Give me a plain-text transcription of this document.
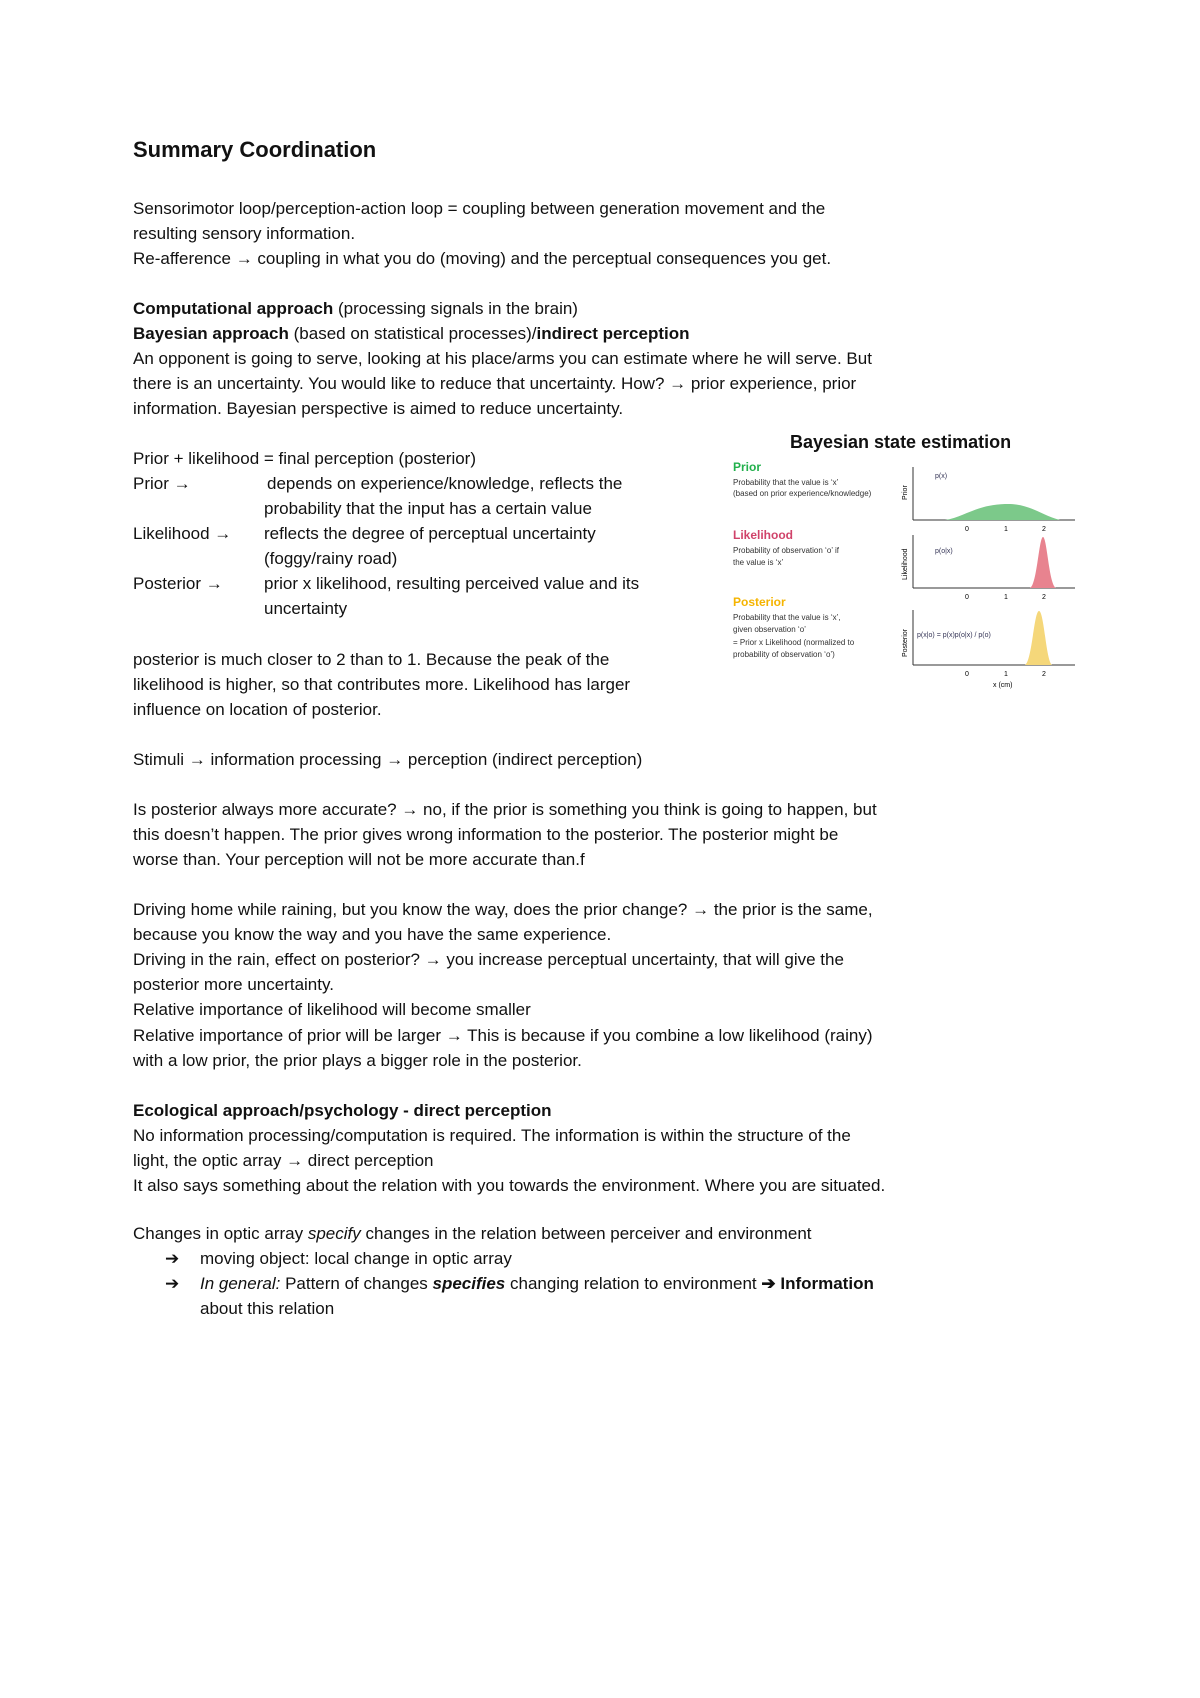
Summary Coordination
Sensorimotor loop/perception-action loop = coupling between generation movement and the
resulting sensory information.
Re-afference → coupling in what you do (moving) and the perceptual consequences you get.
Computational approach (processing signals in the brain)
Bayesian approach (based on statistical processes)/indirect perception
An opponent is going to serve, looking at his place/arms you can estimate where he will serve. But
there is an uncertainty. You would like to reduce that uncertainty. How? → prior experience, prior
information. Bayesian perspective is aimed to reduce uncertainty.
Prior + likelihood = final perception (posterior)
Prior →	depends on experience/knowledge, reflects the
probability that the input has a certain value
Likelihood → reflects the degree of perceptual uncertainty
(foggy/rainy road)
Posterior → prior x likelihood, resulting perceived value and its
uncertainty
posterior is much closer to 2 than to 1. Because the peak of the
likelihood is higher, so that contributes more. Likelihood has larger
influence on location of posterior.
Stimuli → information processing → perception (indirect perception)
Is posterior always more accurate? → no, if the prior is something you think is going to happen, but
this doesn’t happen. The prior gives wrong information to the posterior. The posterior might be
worse than. Your perception will not be more accurate than.f
Driving home while raining, but you know the way, does the prior change? → the prior is the same,
because you know the way and you have the same experience.
Driving in the rain, effect on posterior? → you increase perceptual uncertainty, that will give the
posterior more uncertainty.
Relative importance of likelihood will become smaller
Relative importance of prior will be larger → This is because if you combine a low likelihood (rainy)
with a low prior, the prior plays a bigger role in the posterior.
Ecological approach/psychology - direct perception
No information processing/computation is required. The information is within the structure of the
light, the optic array → direct perception
It also says something about the relation with you towards the environment. Where you are situated.
Changes in optic array specify changes in the relation between perceiver and environment
➔ moving object: local change in optic array
➔ In general: Pattern of changes specifies changing relation to environment ➔ Information
about this relation
Bayesian state estimation
Prior
Probability that the value is ‘x’
(based on prior experience/knowledge)
Likelihood
Probability of observation ‘o’ if
the value is ‘x’
Posterior
Probability that the value is ‘x’,
given observation ‘o’
= Prior x Likelihood (normalized to
probability of observation ‘o’)
Prior
p(x)
0	1	2
Likelihood	p(o|x)
0	1	2
Posterior p(x|o) = p(x)p(o|x) / p(o)
0	1	2
x (cm)
